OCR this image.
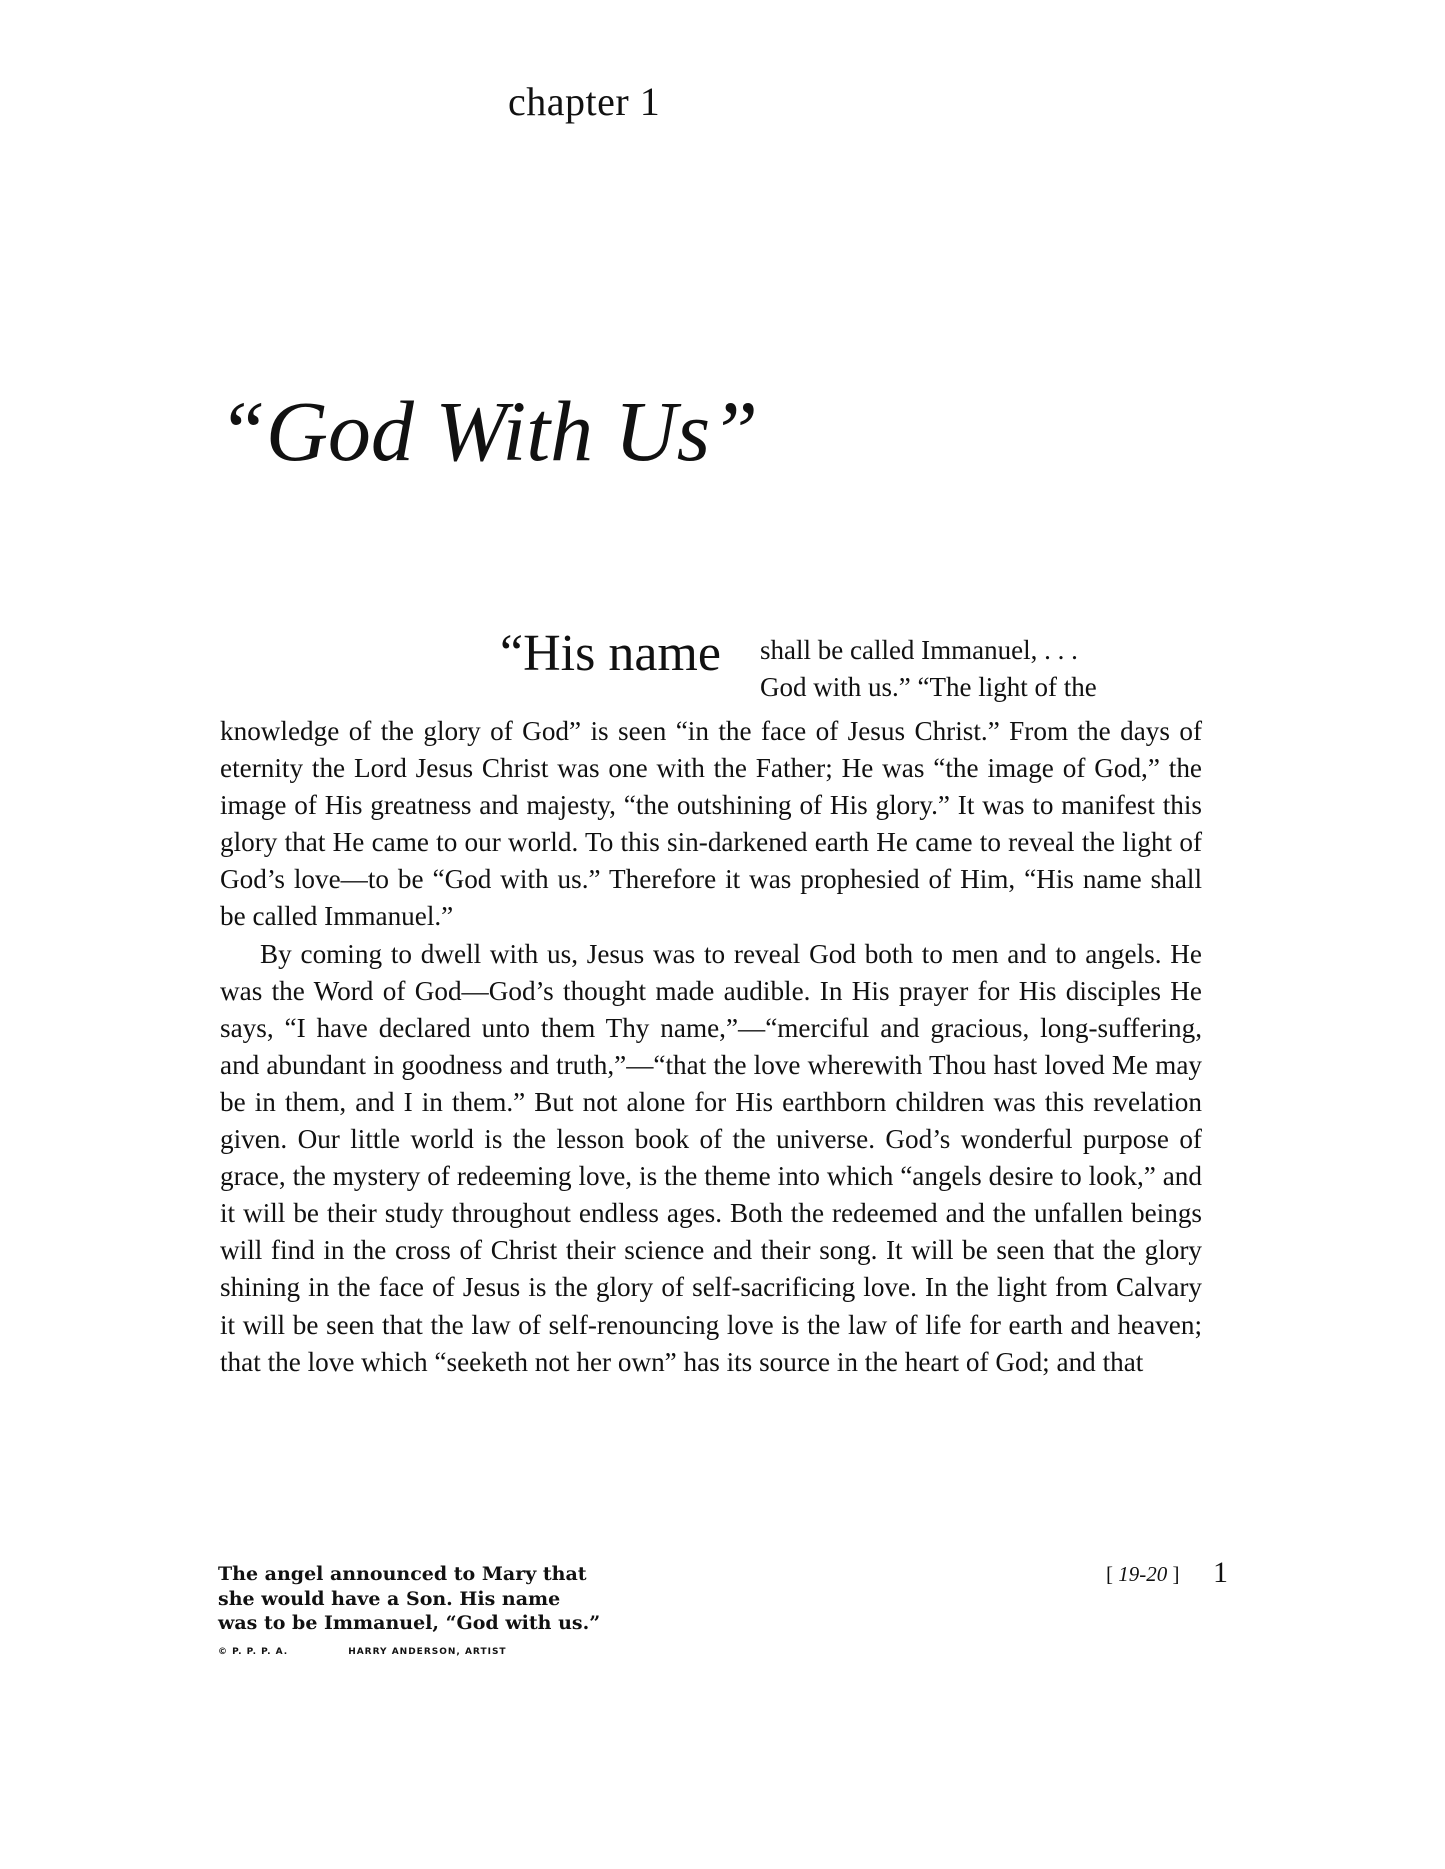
chapter 1
“God With Us”
“His name shall be called Immanuel, . . .
God with us.” “The light of the

knowledge of the glory of God” is seen “in the face of Jesus Christ.” From the days of eternity the Lord Jesus Christ was one with the Father; He was “the image of God,” the image of His greatness and majesty, “the outshining of His glory.” It was to manifest this glory that He came to our world. To this sin-darkened earth He came to reveal the light of God’s love—to be “God with us.” Therefore it was prophesied of Him, “His name shall be called Immanuel.”

By coming to dwell with us, Jesus was to reveal God both to men and to angels. He was the Word of God—God’s thought made audible. In His prayer for His disciples He says, “I have declared unto them Thy name,”—“merciful and gracious, long-suffering, and abundant in goodness and truth,”—“that the love wherewith Thou hast loved Me may be in them, and I in them.” But not alone for His earthborn children was this revelation given. Our little world is the lesson book of the universe. God’s wonderful purpose of grace, the mystery of redeeming love, is the theme into which “angels desire to look,” and it will be their study throughout endless ages. Both the redeemed and the unfallen beings will find in the cross of Christ their science and their song. It will be seen that the glory shining in the face of Jesus is the glory of self-sacrificing love. In the light from Calvary it will be seen that the law of self-renouncing love is the law of life for earth and heaven; that the love which “seeketh not her own” has its source in the heart of God; and that

The angel announced to Mary that
she would have a Son. His name
was to be Immanuel, “God with us.”
© P. P. P. A.	HARRY ANDERSON, ARTIST
[ 19-20 ] 1
